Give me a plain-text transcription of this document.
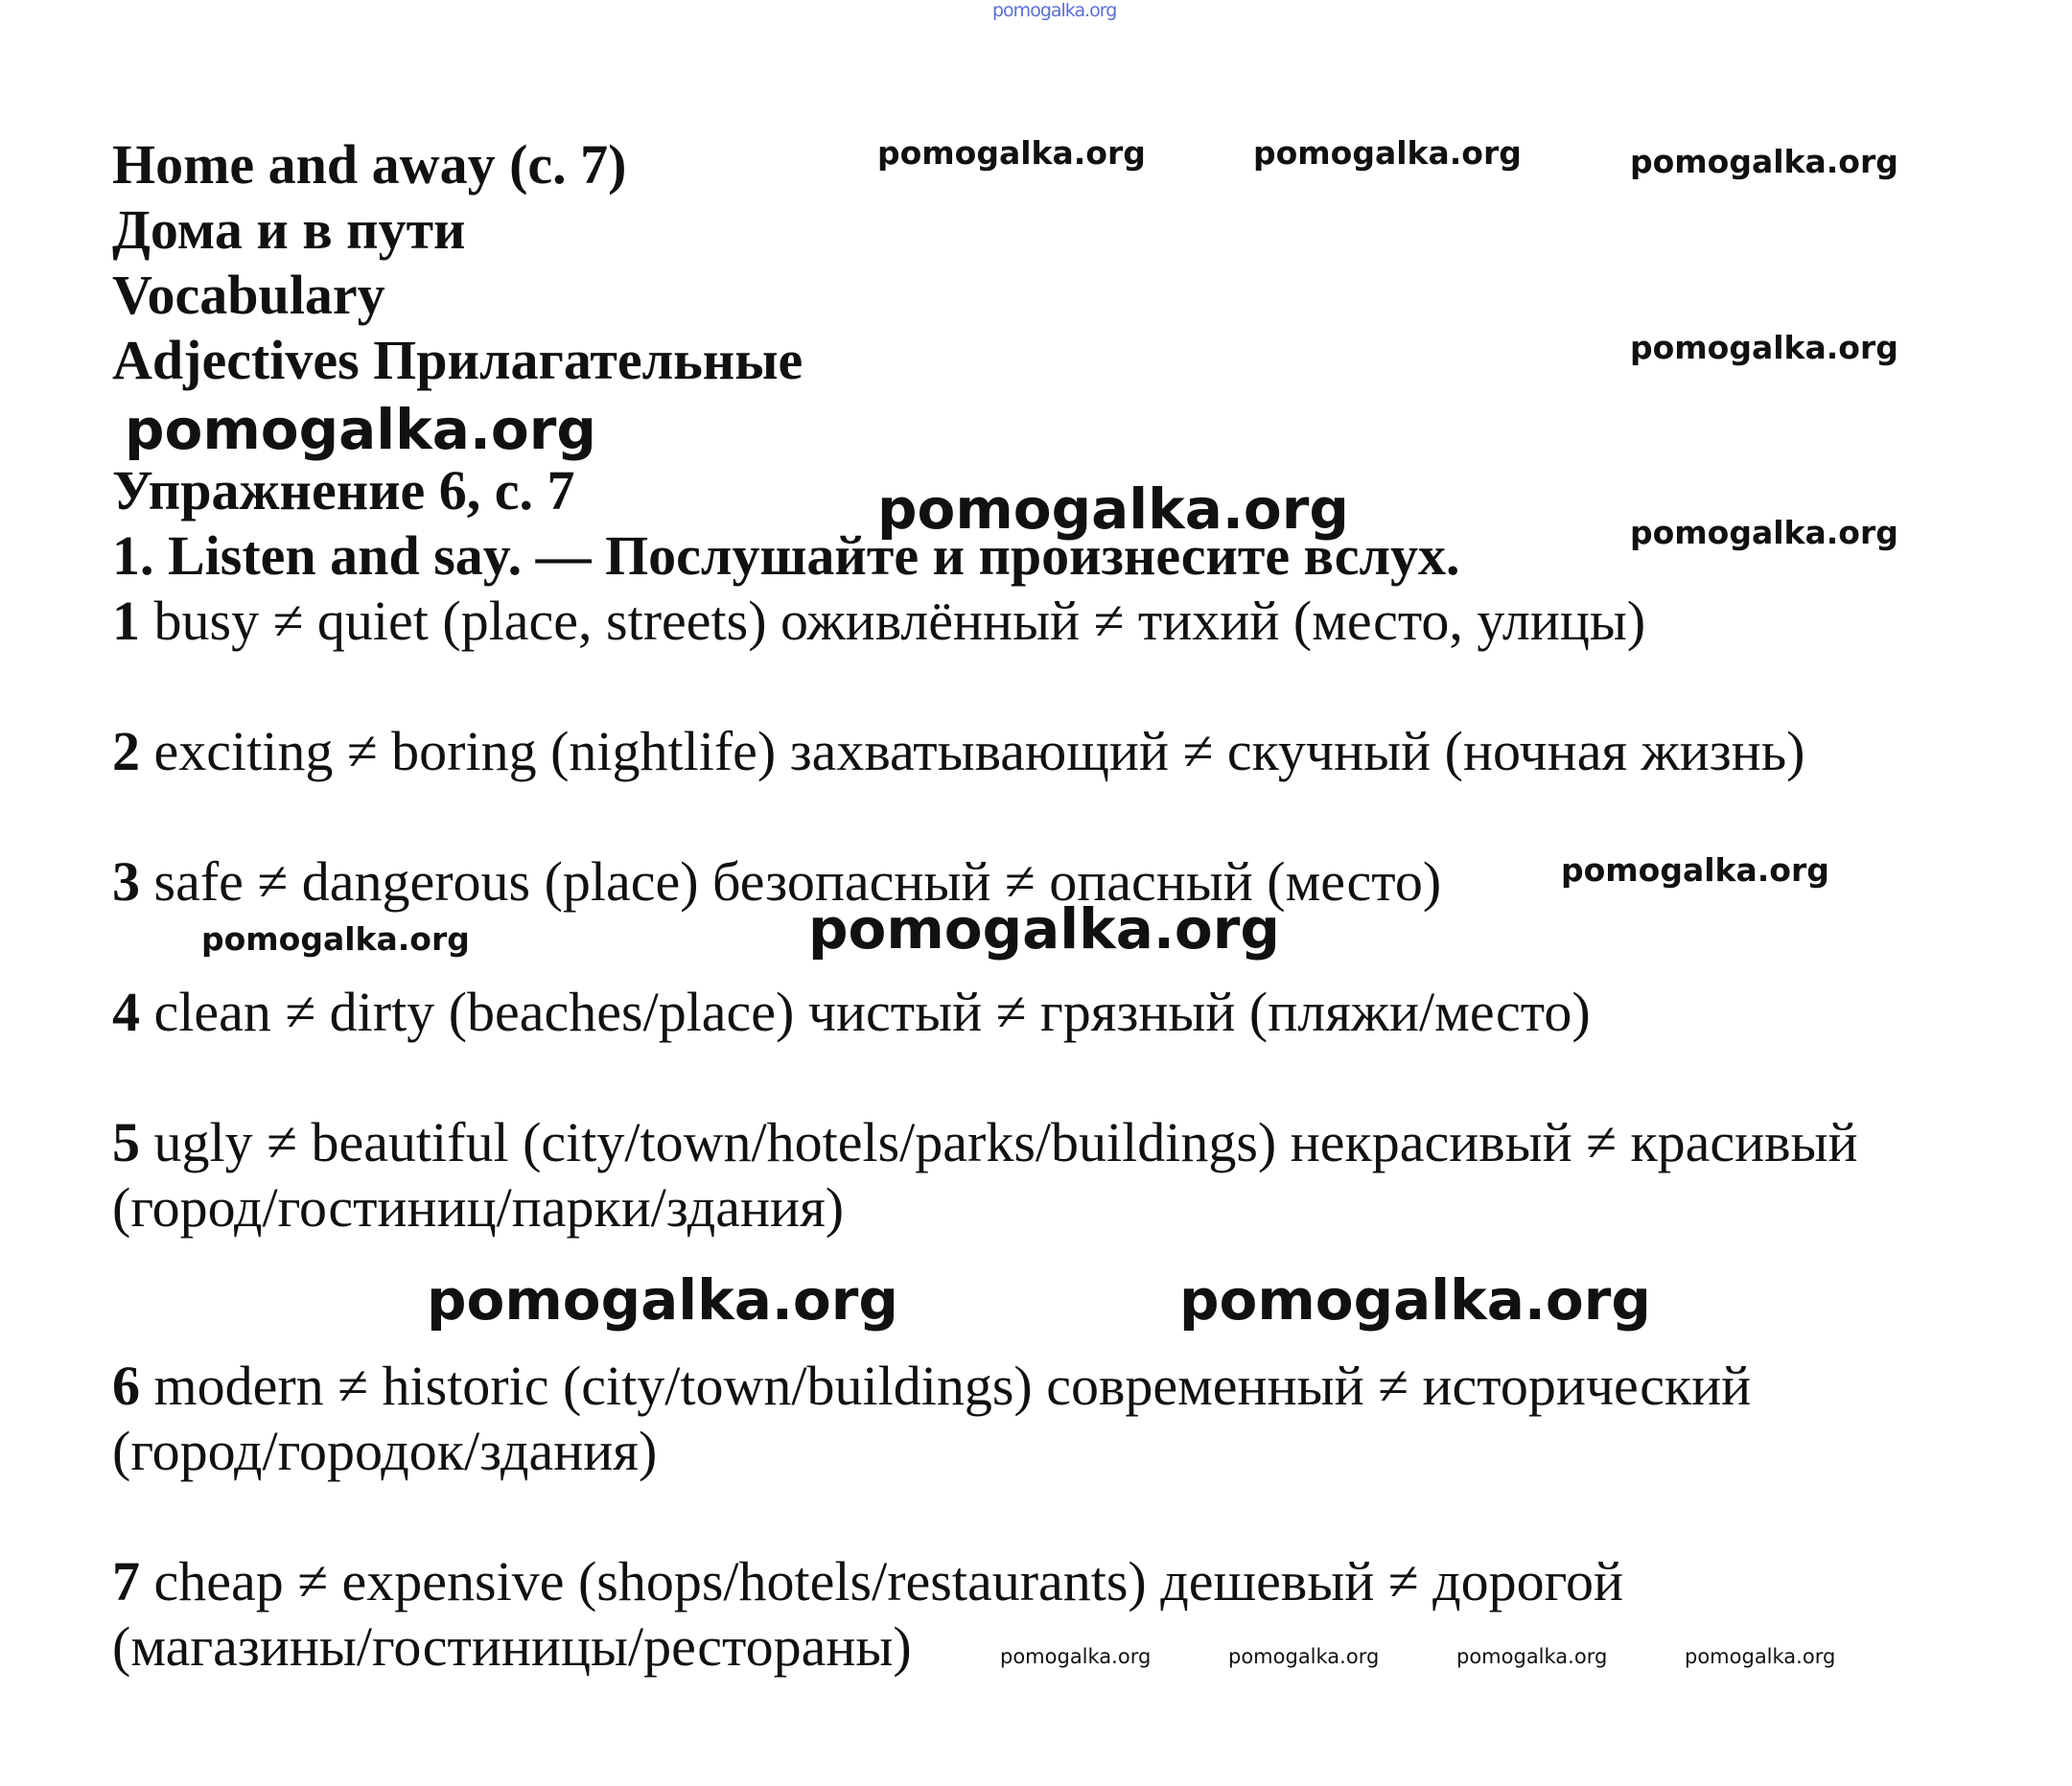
pomogalka.org
pomogalka.org	pomogalka.org	pomogalka.org
pomogalka.org
pomogalka.org
pomogalka.org	pomogalka.org
pomogalka.org
pomogalka.org	pomogalka.org
pomogalka.org	pomogalka.org
pomogalka.org	pomogalka.org	pomogalka.org	pomogalka.org
Home and away (с. 7)
Дома и в пути
Vocabulary
Adjectives Прилагательные
Упражнение 6, с. 7
1. Listen and say. — Послушайте и произнесите вслух.
1 busy ≠ quiet (place, streets) оживлённый ≠ тихий (место, улицы)
2 exciting ≠ boring (nightlife) захватывающий ≠ скучный (ночная жизнь)
3 safe ≠ dangerous (place) безопасный ≠ опасный (место)
4 clean ≠ dirty (beaches/place) чистый ≠ грязный (пляжи/место)
5 ugly ≠ beautiful (city/town/hotels/parks/buildings) некрасивый ≠ красивый
(город/гостиниц/парки/здания)
6 modern ≠ historic (city/town/buildings) современный ≠ исторический
(город/городок/здания)
7 cheap ≠ expensive (shops/hotels/restaurants) дешевый ≠ дорогой
(магазины/гостиницы/рестораны)
